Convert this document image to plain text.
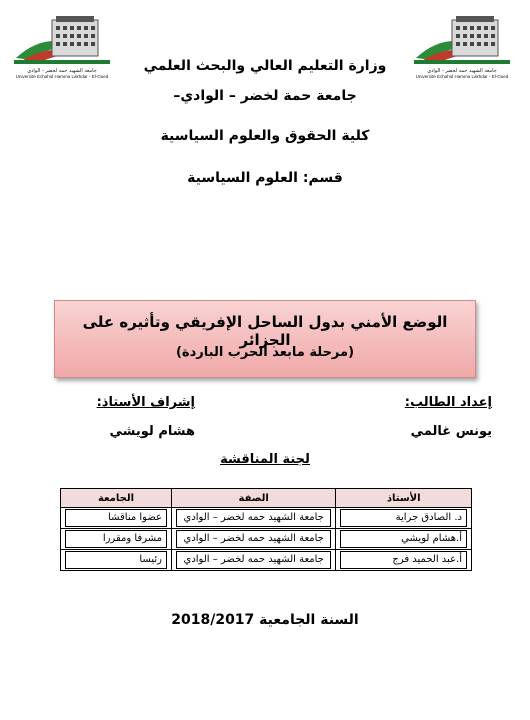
جامعة الشهيد حمة لخضر - الوادي
Université Echahid Hamma Lakhdar - El-Oued
جامعة الشهيد حمة لخضر - الوادي
Université Echahid Hamma Lakhdar - El-Oued
وزارة التعليم العالي والبحث العلمي
جامعة حمة لخضر – الوادي–
كلية الحقوق والعلوم السياسية
قسم: العلوم السياسية
الوضع الأمني بدول الساحل الإفريقي وتأثيره على الجزائر
(مرحلة مابعد الحرب الباردة)
إعداد الطالب:
إشراف الأستاذ:
يونس غالمي
هشام لويشي
لجنة المناقشة
الأستاذ	الصفة	الجامعة

د. الصادق جراية	جامعة الشهيد حمه لخضر – الوادي	عضوا مناقشا

أ.هشام لويشي	جامعة الشهيد حمه لخضر – الوادي	مشرفا ومقررا

أ.عبد الحميد فرج	جامعة الشهيد حمه لخضر – الوادي	رئيسا
السنة الجامعية 2018/2017
